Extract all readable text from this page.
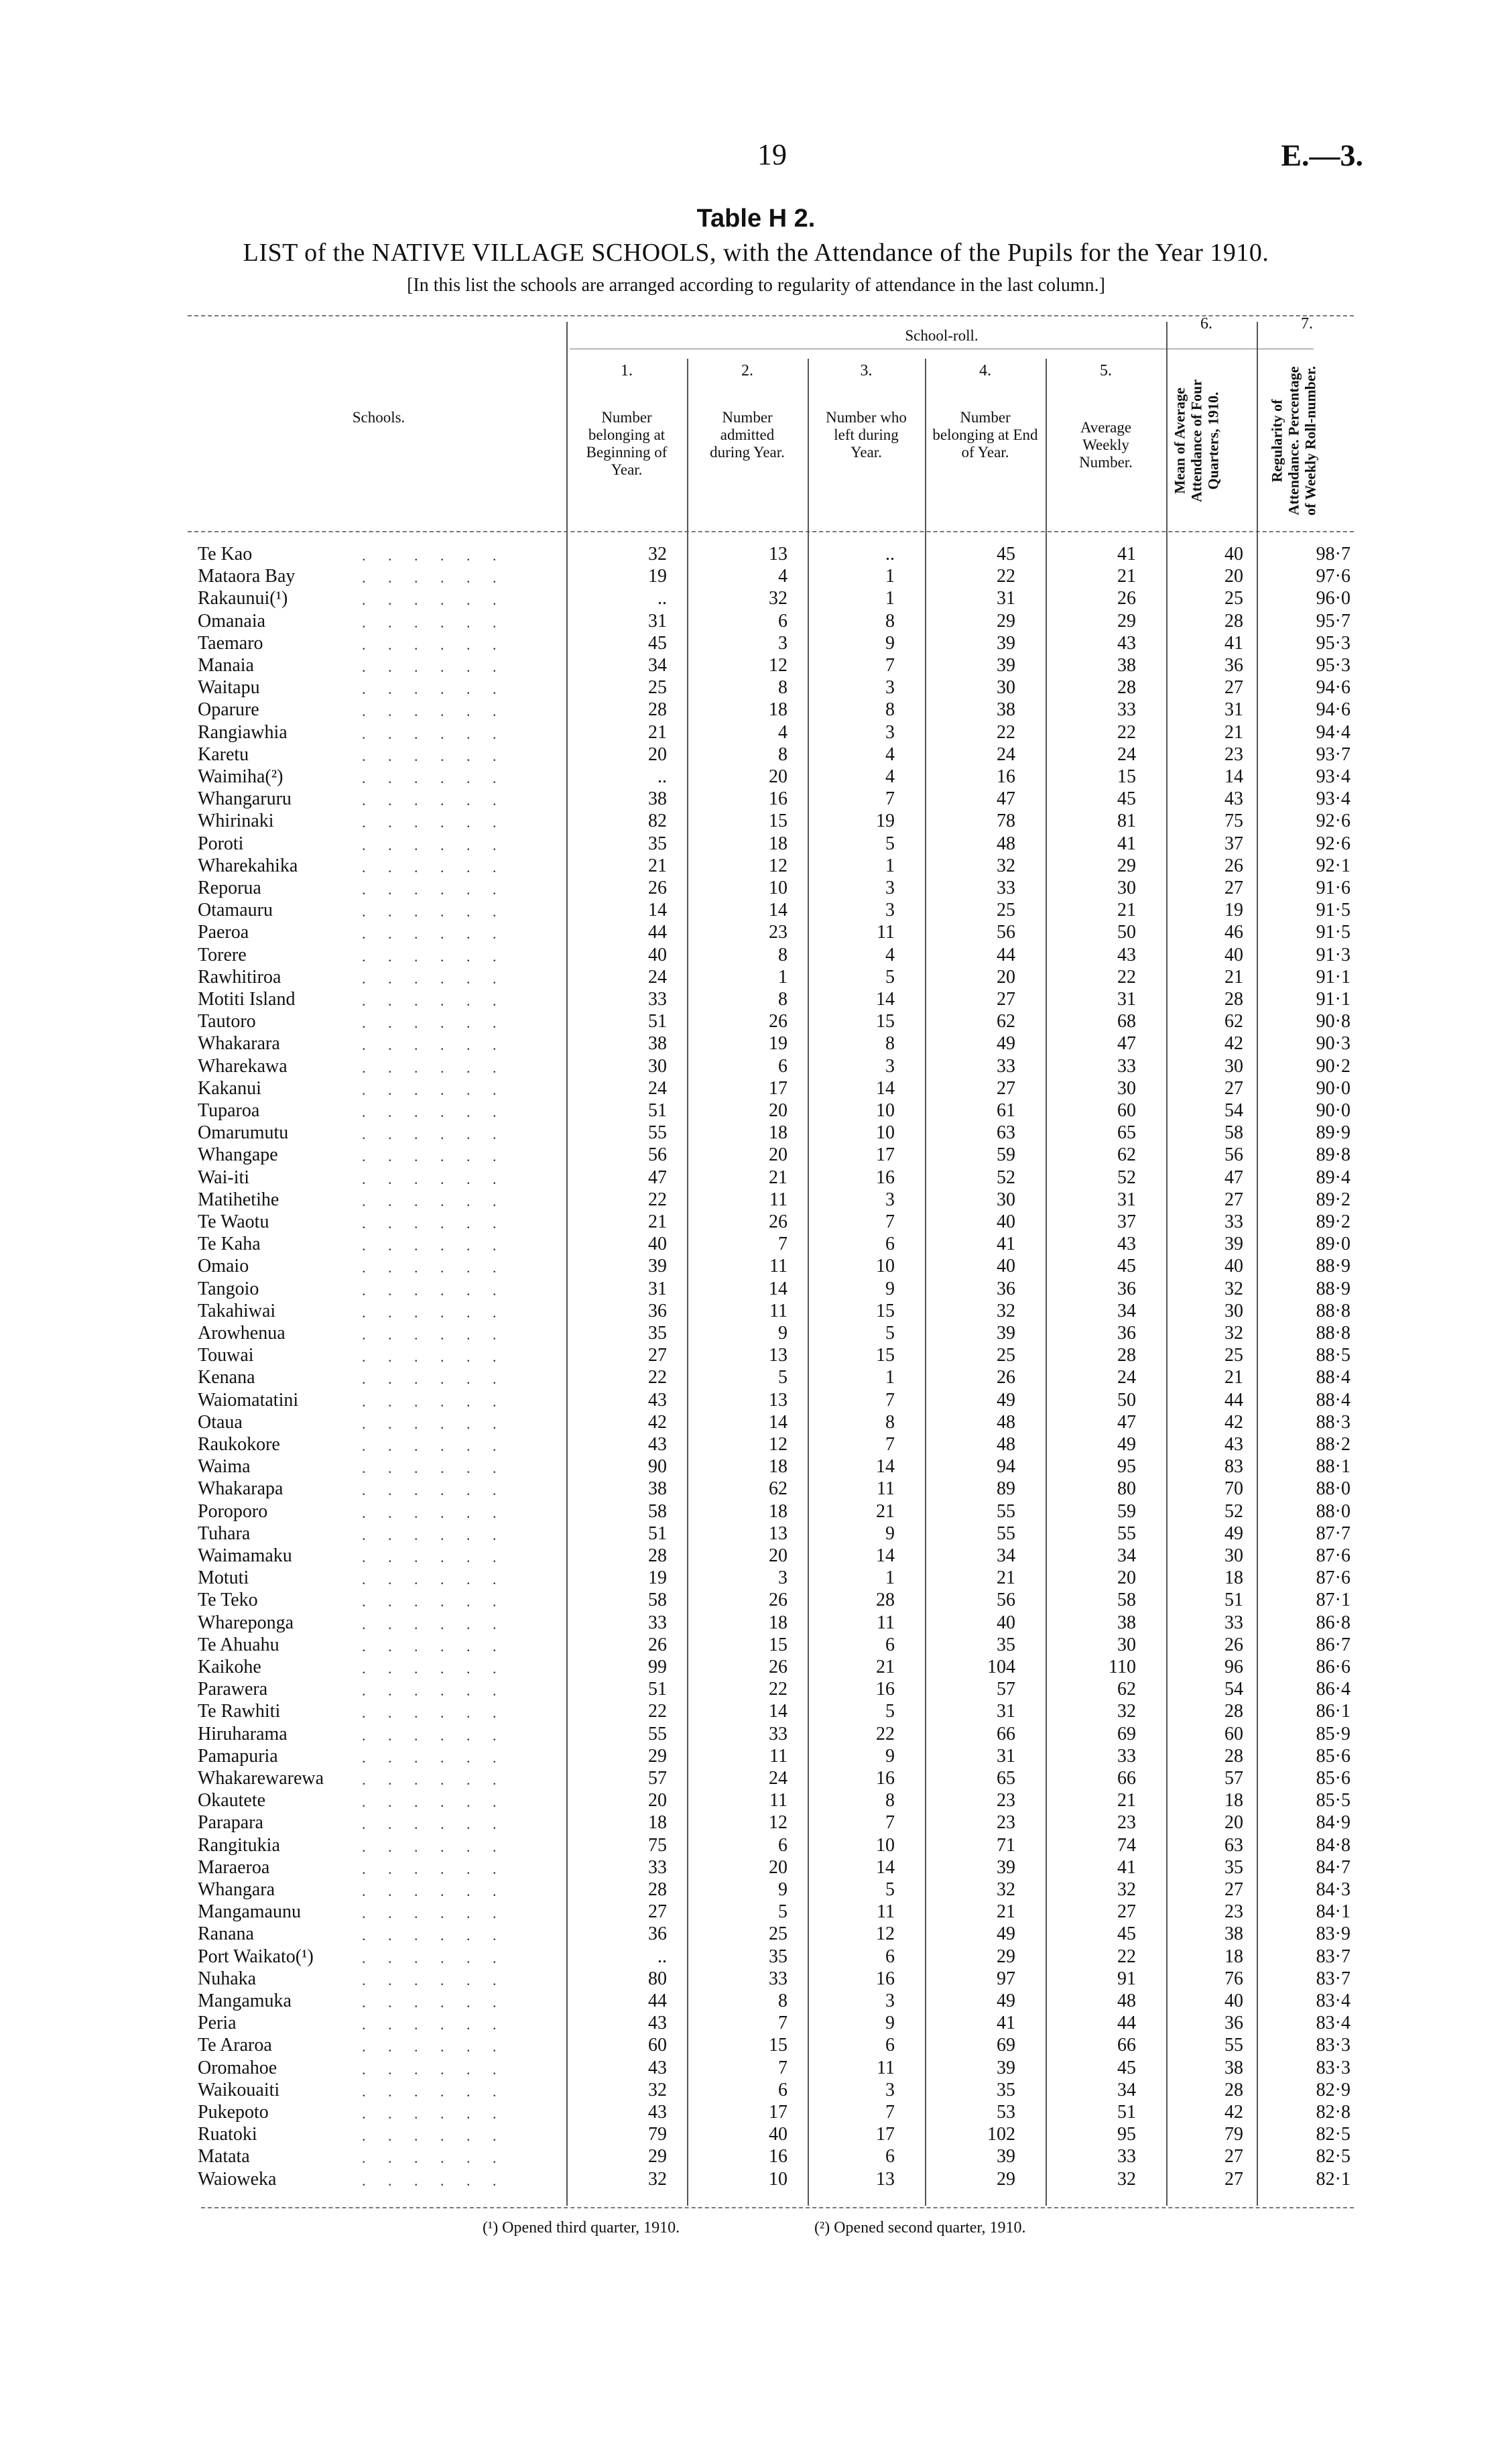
19	E.—3.
Table H 2.
LIST of the NATIVE VILLAGE SCHOOLS, with the Attendance of the Pupils for the Year 1910.
[In this list the schools are arranged according to regularity of attendance in the last column.]
Schools.
School-roll.
1.
Number belonging at Beginning of Year.
2.
Number admitted during Year.
3.
Number who left during Year.
4.
Number belonging at End of Year.
5.
Average Weekly Number.
6.
Mean of Average Attendance of Four Quarters, 1910.
7.
Regularity of Attendance. Percentage of Weekly Roll-number.
Te Kao	. . . . . .	32	13	..	45	41	40	98·7
Mataora Bay	. . . . . .	19	4	1	22	21	20	97·6
Rakaunui(¹)	. . . . . .	..	32	1	31	26	25	96·0
Omanaia	. . . . . .	31	6	8	29	29	28	95·7
Taemaro	. . . . . .	45	3	9	39	43	41	95·3
Manaia	. . . . . .	34	12	7	39	38	36	95·3
Waitapu	. . . . . .	25	8	3	30	28	27	94·6
Oparure	. . . . . .	28	18	8	38	33	31	94·6
Rangiawhia	. . . . . .	21	4	3	22	22	21	94·4
Karetu	. . . . . .	20	8	4	24	24	23	93·7
Waimiha(²)	. . . . . .	..	20	4	16	15	14	93·4
Whangaruru	. . . . . .	38	16	7	47	45	43	93·4
Whirinaki	. . . . . .	82	15	19	78	81	75	92·6
Poroti	. . . . . .	35	18	5	48	41	37	92·6
Wharekahika	. . . . . .	21	12	1	32	29	26	92·1
Reporua	. . . . . .	26	10	3	33	30	27	91·6
Otamauru	. . . . . .	14	14	3	25	21	19	91·5
Paeroa	. . . . . .	44	23	11	56	50	46	91·5
Torere	. . . . . .	40	8	4	44	43	40	91·3
Rawhitiroa	. . . . . .	24	1	5	20	22	21	91·1
Motiti Island	. . . . . .	33	8	14	27	31	28	91·1
Tautoro	. . . . . .	51	26	15	62	68	62	90·8
Whakarara	. . . . . .	38	19	8	49	47	42	90·3
Wharekawa	. . . . . .	30	6	3	33	33	30	90·2
Kakanui	. . . . . .	24	17	14	27	30	27	90·0
Tuparoa	. . . . . .	51	20	10	61	60	54	90·0
Omarumutu	. . . . . .	55	18	10	63	65	58	89·9
Whangape	. . . . . .	56	20	17	59	62	56	89·8
Wai-iti	. . . . . .	47	21	16	52	52	47	89·4
Matihetihe	. . . . . .	22	11	3	30	31	27	89·2
Te Waotu	. . . . . .	21	26	7	40	37	33	89·2
Te Kaha	. . . . . .	40	7	6	41	43	39	89·0
Omaio	. . . . . .	39	11	10	40	45	40	88·9
Tangoio	. . . . . .	31	14	9	36	36	32	88·9
Takahiwai	. . . . . .	36	11	15	32	34	30	88·8
Arowhenua	. . . . . .	35	9	5	39	36	32	88·8
Touwai	. . . . . .	27	13	15	25	28	25	88·5
Kenana	. . . . . .	22	5	1	26	24	21	88·4
Waiomatatini	. . . . . .	43	13	7	49	50	44	88·4
Otaua	. . . . . .	42	14	8	48	47	42	88·3
Raukokore	. . . . . .	43	12	7	48	49	43	88·2
Waima	. . . . . .	90	18	14	94	95	83	88·1
Whakarapa	. . . . . .	38	62	11	89	80	70	88·0
Poroporo	. . . . . .	58	18	21	55	59	52	88·0
Tuhara	. . . . . .	51	13	9	55	55	49	87·7
Waimamaku	. . . . . .	28	20	14	34	34	30	87·6
Motuti	. . . . . .	19	3	1	21	20	18	87·6
Te Teko	. . . . . .	58	26	28	56	58	51	87·1
Whareponga	. . . . . .	33	18	11	40	38	33	86·8
Te Ahuahu	. . . . . .	26	15	6	35	30	26	86·7
Kaikohe	. . . . . .	99	26	21	104	110	96	86·6
Parawera	. . . . . .	51	22	16	57	62	54	86·4
Te Rawhiti	. . . . . .	22	14	5	31	32	28	86·1
Hiruharama	. . . . . .	55	33	22	66	69	60	85·9
Pamapuria	. . . . . .	29	11	9	31	33	28	85·6
Whakarewarewa	. . . . . .	57	24	16	65	66	57	85·6
Okautete	. . . . . .	20	11	8	23	21	18	85·5
Parapara	. . . . . .	18	12	7	23	23	20	84·9
Rangitukia	. . . . . .	75	6	10	71	74	63	84·8
Maraeroa	. . . . . .	33	20	14	39	41	35	84·7
Whangara	. . . . . .	28	9	5	32	32	27	84·3
Mangamaunu	. . . . . .	27	5	11	21	27	23	84·1
Ranana	. . . . . .	36	25	12	49	45	38	83·9
Port Waikato(¹)	. . . . . .	..	35	6	29	22	18	83·7
Nuhaka	. . . . . .	80	33	16	97	91	76	83·7
Mangamuka	. . . . . .	44	8	3	49	48	40	83·4
Peria	. . . . . .	43	7	9	41	44	36	83·4
Te Araroa	. . . . . .	60	15	6	69	66	55	83·3
Oromahoe	. . . . . .	43	7	11	39	45	38	83·3
Waikouaiti	. . . . . .	32	6	3	35	34	28	82·9
Pukepoto	. . . . . .	43	17	7	53	51	42	82·8
Ruatoki	. . . . . .	79	40	17	102	95	79	82·5
Matata	. . . . . .	29	16	6	39	33	27	82·5
Waioweka	. . . . . .	32	10	13	29	32	27	82·1
(¹) Opened third quarter, 1910.	(²) Opened second quarter, 1910.
